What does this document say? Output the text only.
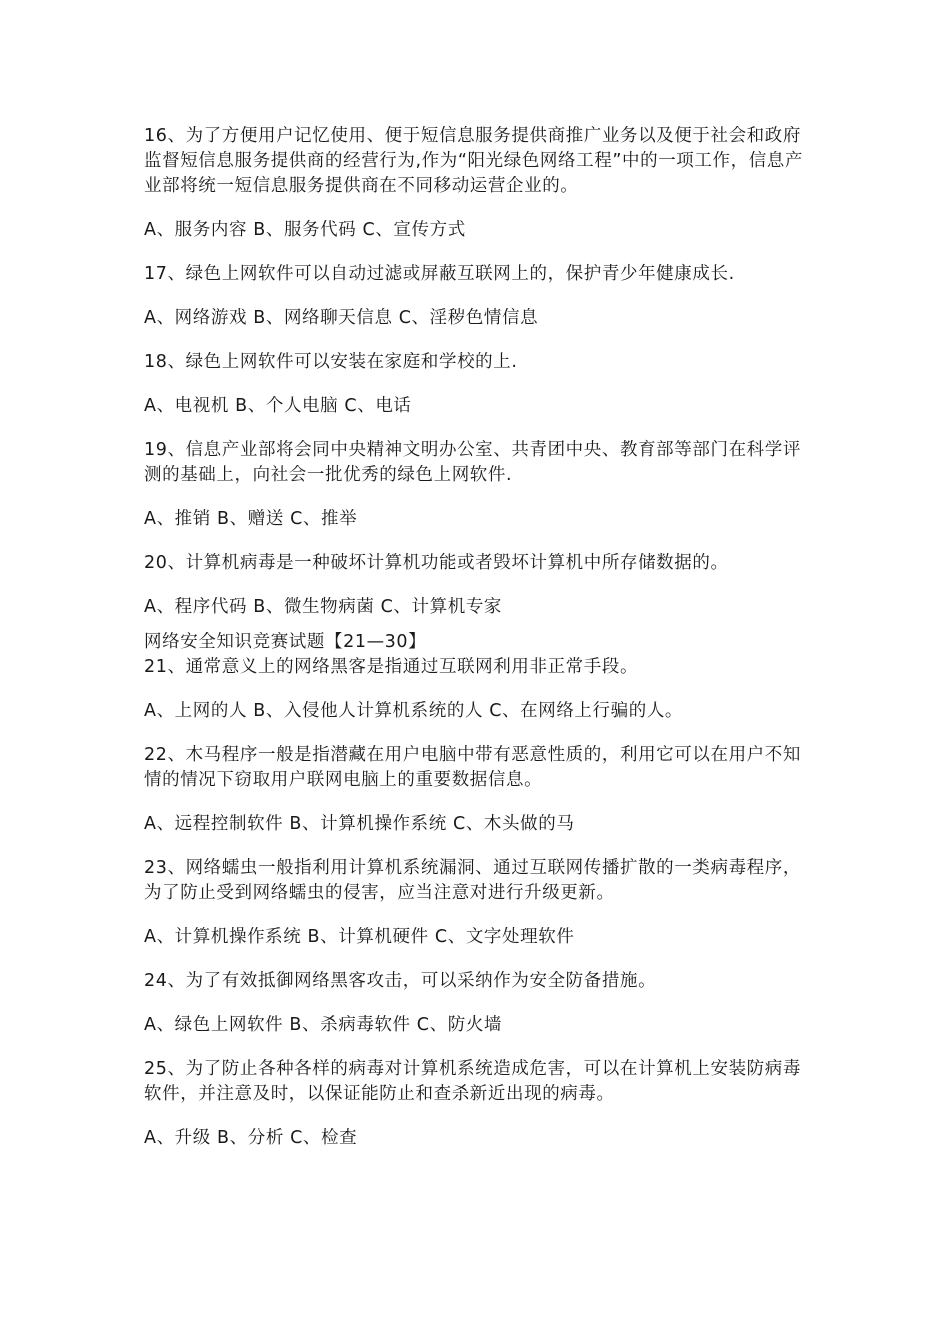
16、为了方便用户记忆使用、便于短信息服务提供商推广业务以及便于社会和政府监督短信息服务提供商的经营行为,作为“阳光绿色网络工程”中的一项工作，信息产业部将统一短信息服务提供商在不同移动运营企业的。

A、服务内容 B、服务代码 C、宣传方式

17、绿色上网软件可以自动过滤或屏蔽互联网上的，保护青少年健康成长.

A、网络游戏 B、网络聊天信息 C、淫秽色情信息

18、绿色上网软件可以安装在家庭和学校的上.

A、电视机 B、个人电脑 C、电话

19、信息产业部将会同中央精神文明办公室、共青团中央、教育部等部门在科学评测的基础上，向社会一批优秀的绿色上网软件.

A、推销 B、赠送 C、推举

20、计算机病毒是一种破坏计算机功能或者毁坏计算机中所存储数据的。

A、程序代码 B、微生物病菌 C、计算机专家

网络安全知识竞赛试题【21—30】

21、通常意义上的网络黑客是指通过互联网利用非正常手段。

A、上网的人 B、入侵他人计算机系统的人 C、在网络上行骗的人。

22、木马程序一般是指潜藏在用户电脑中带有恶意性质的，利用它可以在用户不知情的情况下窃取用户联网电脑上的重要数据信息。

A、远程控制软件 B、计算机操作系统 C、木头做的马

23、网络蠕虫一般指利用计算机系统漏洞、通过互联网传播扩散的一类病毒程序，为了防止受到网络蠕虫的侵害，应当注意对进行升级更新。

A、计算机操作系统 B、计算机硬件 C、文字处理软件

24、为了有效抵御网络黑客攻击，可以采纳作为安全防备措施。

A、绿色上网软件 B、杀病毒软件 C、防火墙

25、为了防止各种各样的病毒对计算机系统造成危害，可以在计算机上安装防病毒软件，并注意及时，以保证能防止和查杀新近出现的病毒。

A、升级 B、分析 C、检查
